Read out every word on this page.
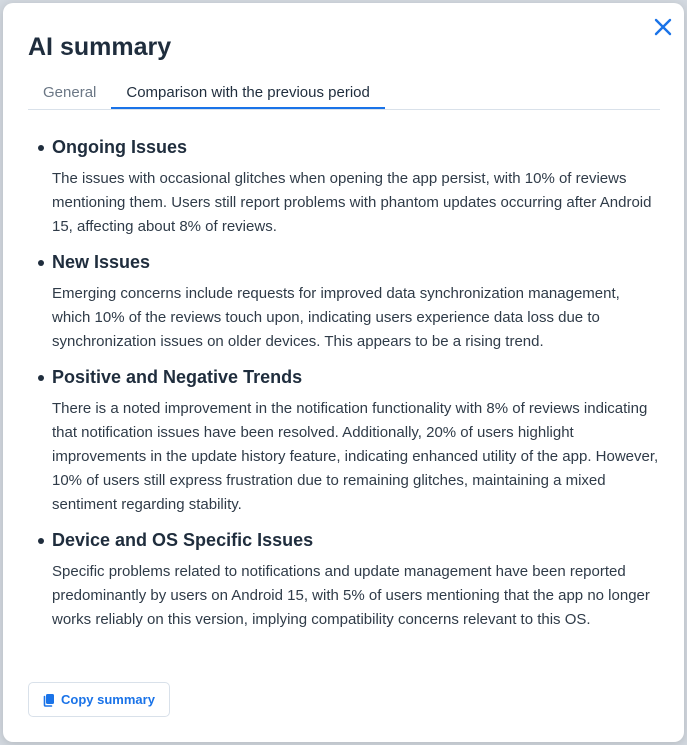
AI summary
General	Comparison with the previous period
Ongoing Issues

The issues with occasional glitches when opening the app persist, with 10% of reviews mentioning them. Users still report problems with phantom updates occurring after Android 15, affecting about 8% of reviews.

New Issues

Emerging concerns include requests for improved data synchronization management, which 10% of the reviews touch upon, indicating users experience data loss due to synchronization issues on older devices. This appears to be a rising trend.

Positive and Negative Trends

There is a noted improvement in the notification functionality with 8% of reviews indicating that notification issues have been resolved. Additionally, 20% of users highlight improvements in the update history feature, indicating enhanced utility of the app. However, 10% of users still express frustration due to remaining glitches, maintaining a mixed sentiment regarding stability.

Device and OS Specific Issues

Specific problems related to notifications and update management have been reported predominantly by users on Android 15, with 5% of users mentioning that the app no longer works reliably on this version, implying compatibility concerns relevant to this OS.

Copy summary
